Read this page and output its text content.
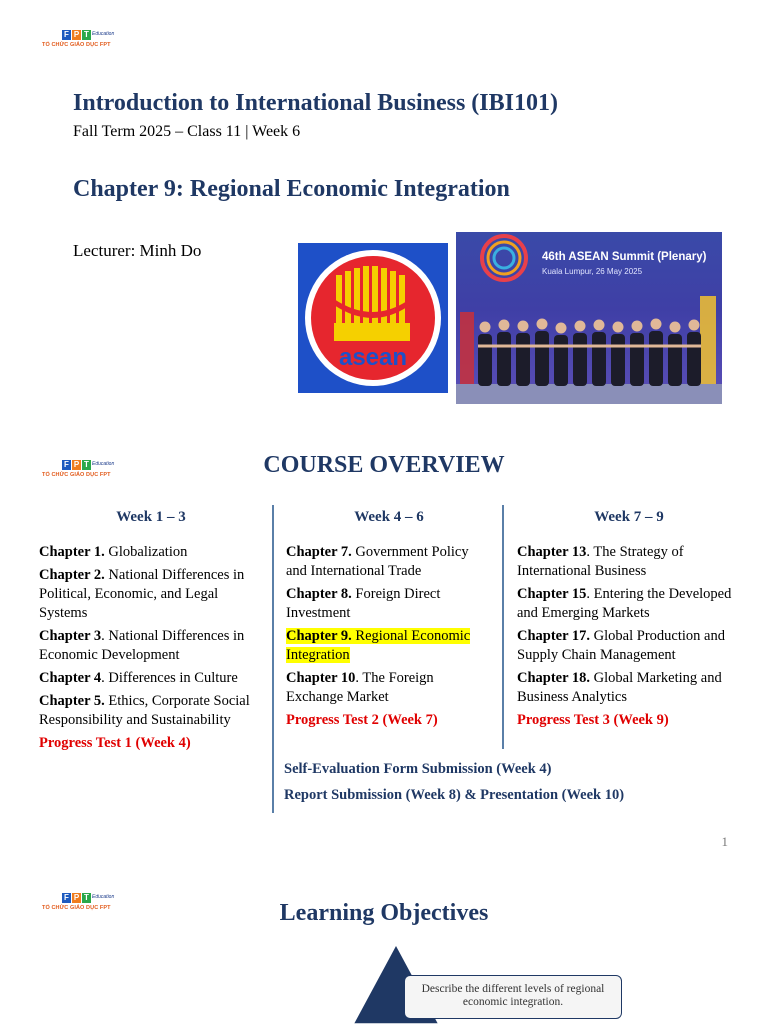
F P T Education
TỔ CHỨC GIÁO DỤC FPT
Introduction to International Business (IBI101)
Fall Term 2025 – Class 11 | Week 6
Chapter 9: Regional Economic Integration
Lecturer: Minh Do
asean
46th ASEAN Summit (Plenary)
Kuala Lumpur, 26 May 2025
F P T Education
TỔ CHỨC GIÁO DỤC FPT	COURSE OVERVIEW
Week 1 – 3
Chapter 1. Globalization
Chapter 2. National Differences in Political, Economic, and Legal Systems
Chapter 3. National Differences in Economic Development
Chapter 4. Differences in Culture
Chapter 5. Ethics, Corporate Social Responsibility and Sustainability
Progress Test 1 (Week 4)
Week 4 – 6
Chapter 7. Government Policy and International Trade
Chapter 8. Foreign Direct Investment
Chapter 9. Regional Economic Integration
Chapter 10. The Foreign Exchange Market
Progress Test 2 (Week 7)
Week 7 – 9
Chapter 13. The Strategy of International Business
Chapter 15. Entering the Developed and Emerging Markets
Chapter 17. Global Production and Supply Chain Management
Chapter 18. Global Marketing and Business Analytics
Progress Test 3 (Week 9)
Self-Evaluation Form Submission (Week 4)
Report Submission (Week 8) & Presentation (Week 10)
1
F P T Education
TỔ CHỨC GIÁO DỤC FPT	Learning Objectives
Describe the different levels of regional economic integration.
